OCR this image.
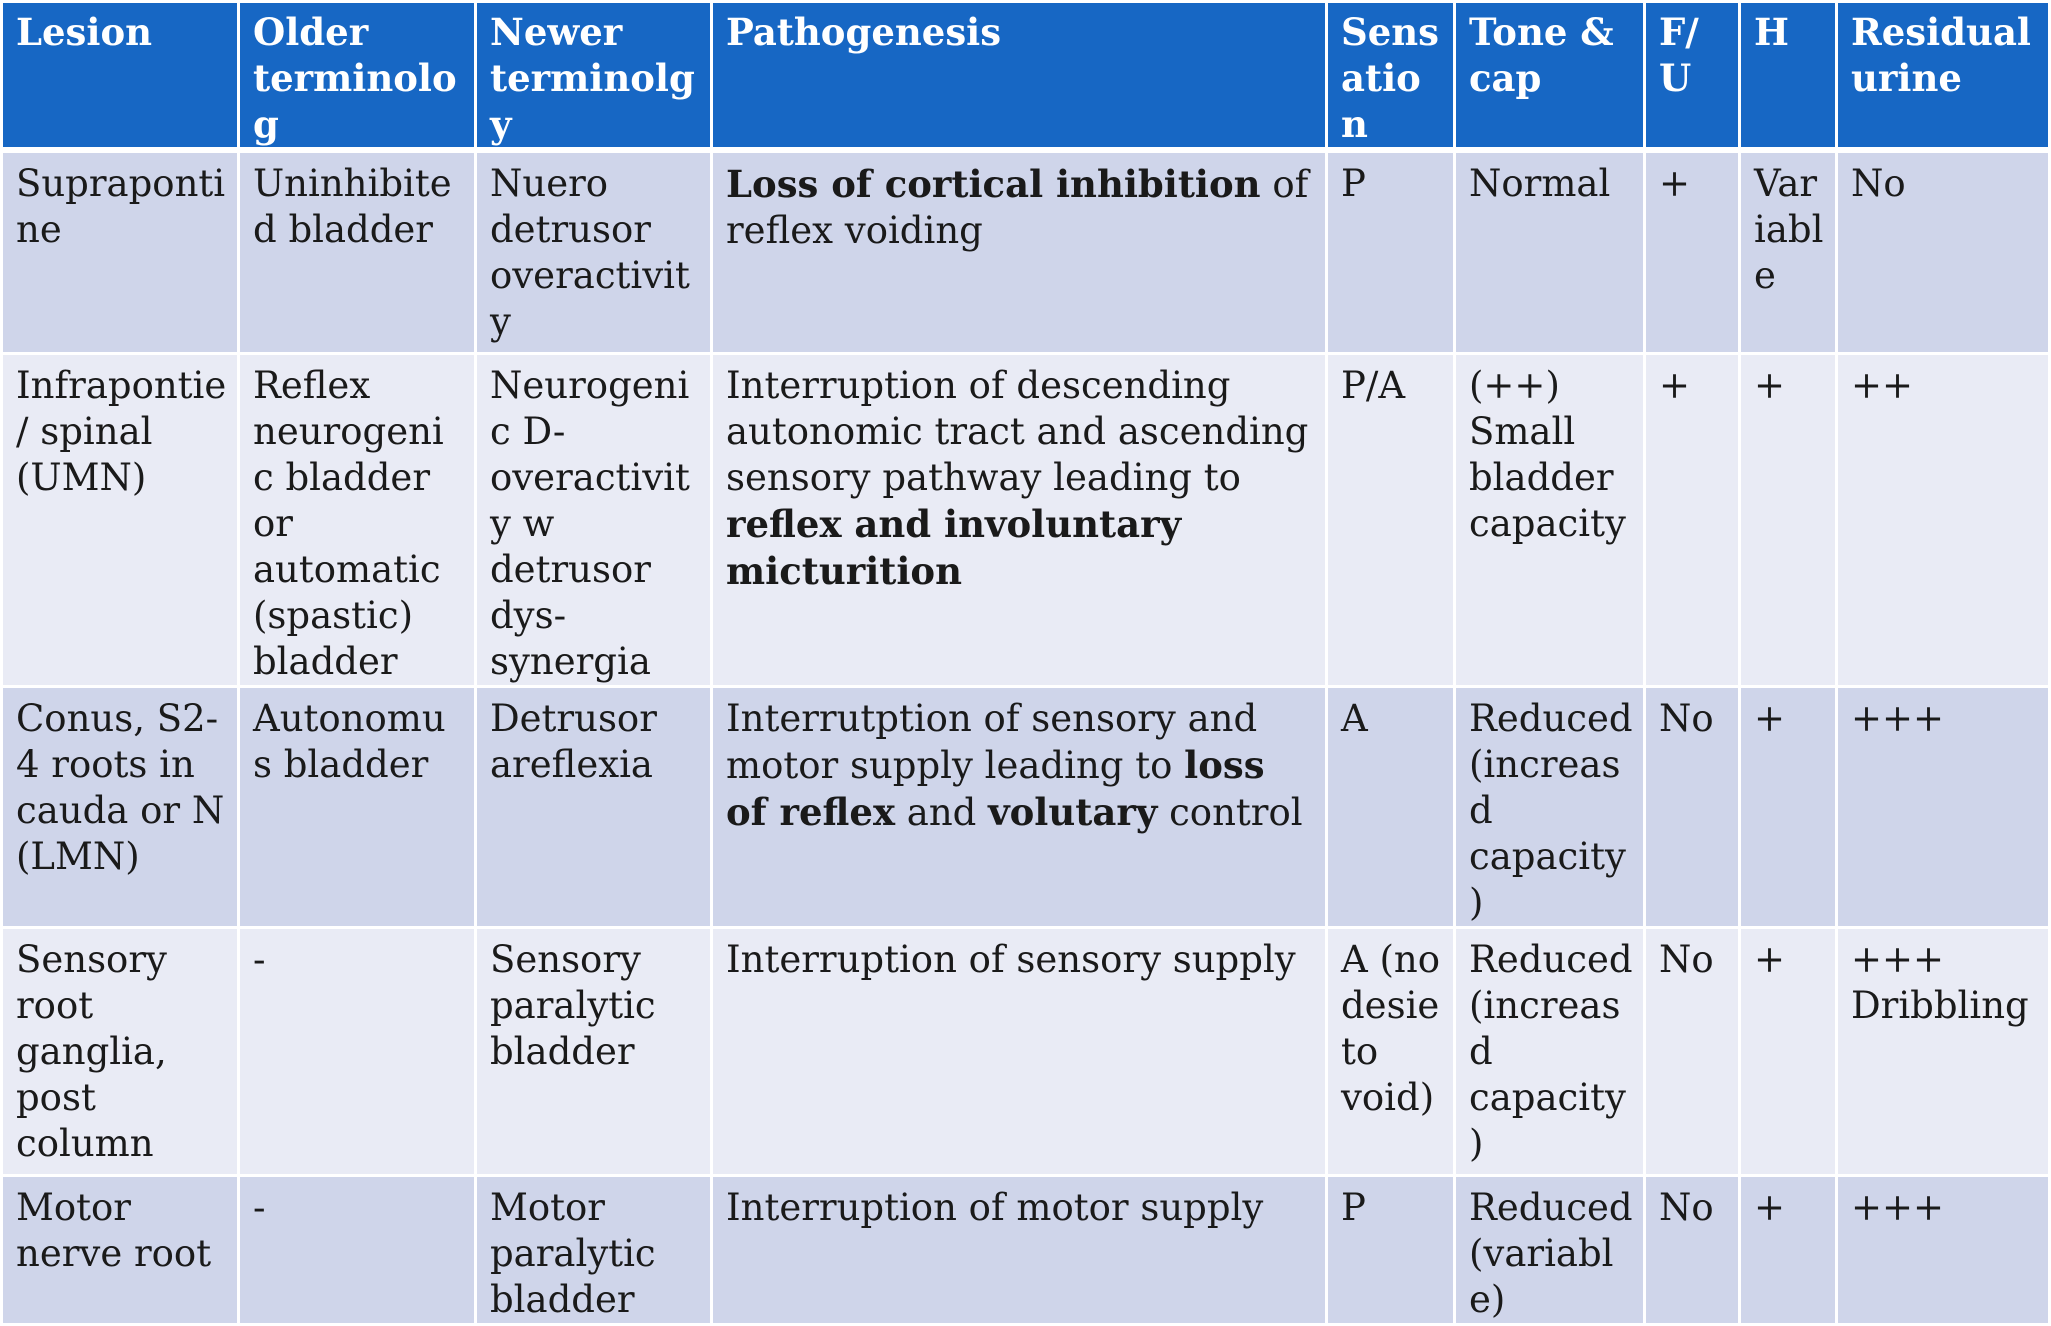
Lesion	Older terminolog	Newer terminolgy	Pathogenesis	Sens ation	Tone & cap	F/ U	H	Residual urine
Suprapontine	Uninhibited bladder	Nuero detrusor overactivity	Loss of cortical inhibition of reflex voiding	P	Normal	+	Variable	No
Infrapontie/ spinal (UMN)	Reflex neurogenic bladder or automatic (spastic) bladder	Neurogenic D- overactivity w detrusor dys- synergia	Interruption of descending autonomic tract and ascending sensory pathway leading to reflex and involuntary micturition	P/A	(++) Small bladder capacity	+	+	++
Conus, S2-4 roots in cauda or N (LMN)	Autonomus bladder	Detrusor areflexia	Interrutption of sensory and motor supply leading to loss of reflex and volutary control	A	Reduced (increasd capacity)	No	+	+++
Sensory root ganglia, post column	-	Sensory paralytic bladder	Interruption of sensory supply	A (no desie to void)	Reduced (increasd capacity)	No	+	+++ Dribbling
Motor nerve root	-	Motor paralytic bladder	Interruption of motor supply	P	Reduced (variable)	No	+	+++
